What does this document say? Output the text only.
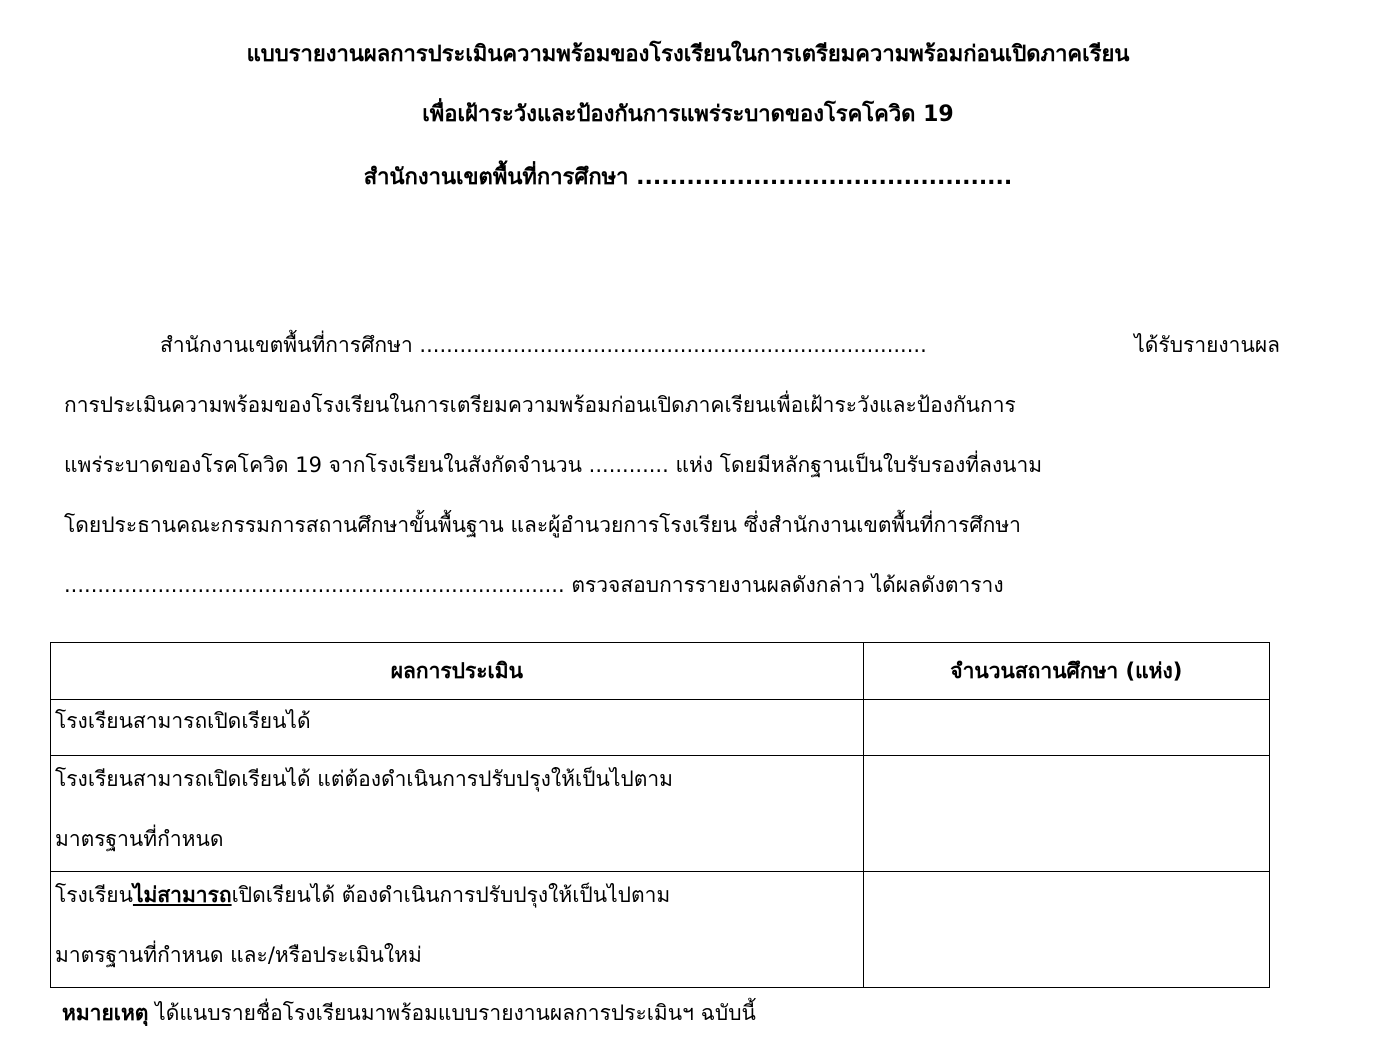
แบบรายงานผลการประเมินความพร้อมของโรงเรียนในการเตรียมความพร้อมก่อนเปิดภาคเรียน
เพื่อเฝ้าระวังและป้องกันการแพร่ระบาดของโรคโควิด 19
สำนักงานเขตพื้นที่การศึกษา .............................................
สำนักงานเขตพื้นที่การศึกษา ............................................................................	ได้รับรายงานผล
การประเมินความพร้อมของโรงเรียนในการเตรียมความพร้อมก่อนเปิดภาคเรียนเพื่อเฝ้าระวังและป้องกันการ
แพร่ระบาดของโรคโควิด 19 จากโรงเรียนในสังกัดจำนวน ............ แห่ง โดยมีหลักฐานเป็นใบรับรองที่ลงนาม
โดยประธานคณะกรรมการสถานศึกษาขั้นพื้นฐาน และผู้อำนวยการโรงเรียน ซึ่งสำนักงานเขตพื้นที่การศึกษา
........................................................................... ตรวจสอบการรายงานผลดังกล่าว ได้ผลดังตาราง
ผลการประเมิน	จำนวนสถานศึกษา (แห่ง)

โรงเรียนสามารถเปิดเรียนได้	

โรงเรียนสามารถเปิดเรียนได้ แต่ต้องดำเนินการปรับปรุงให้เป็นไปตาม
มาตรฐานที่กำหนด	

โรงเรียนไม่สามารถเปิดเรียนได้ ต้องดำเนินการปรับปรุงให้เป็นไปตาม
มาตรฐานที่กำหนด และ/หรือประเมินใหม่	

หมายเหตุ ได้แนบรายชื่อโรงเรียนมาพร้อมแบบรายงานผลการประเมินฯ ฉบับนี้
